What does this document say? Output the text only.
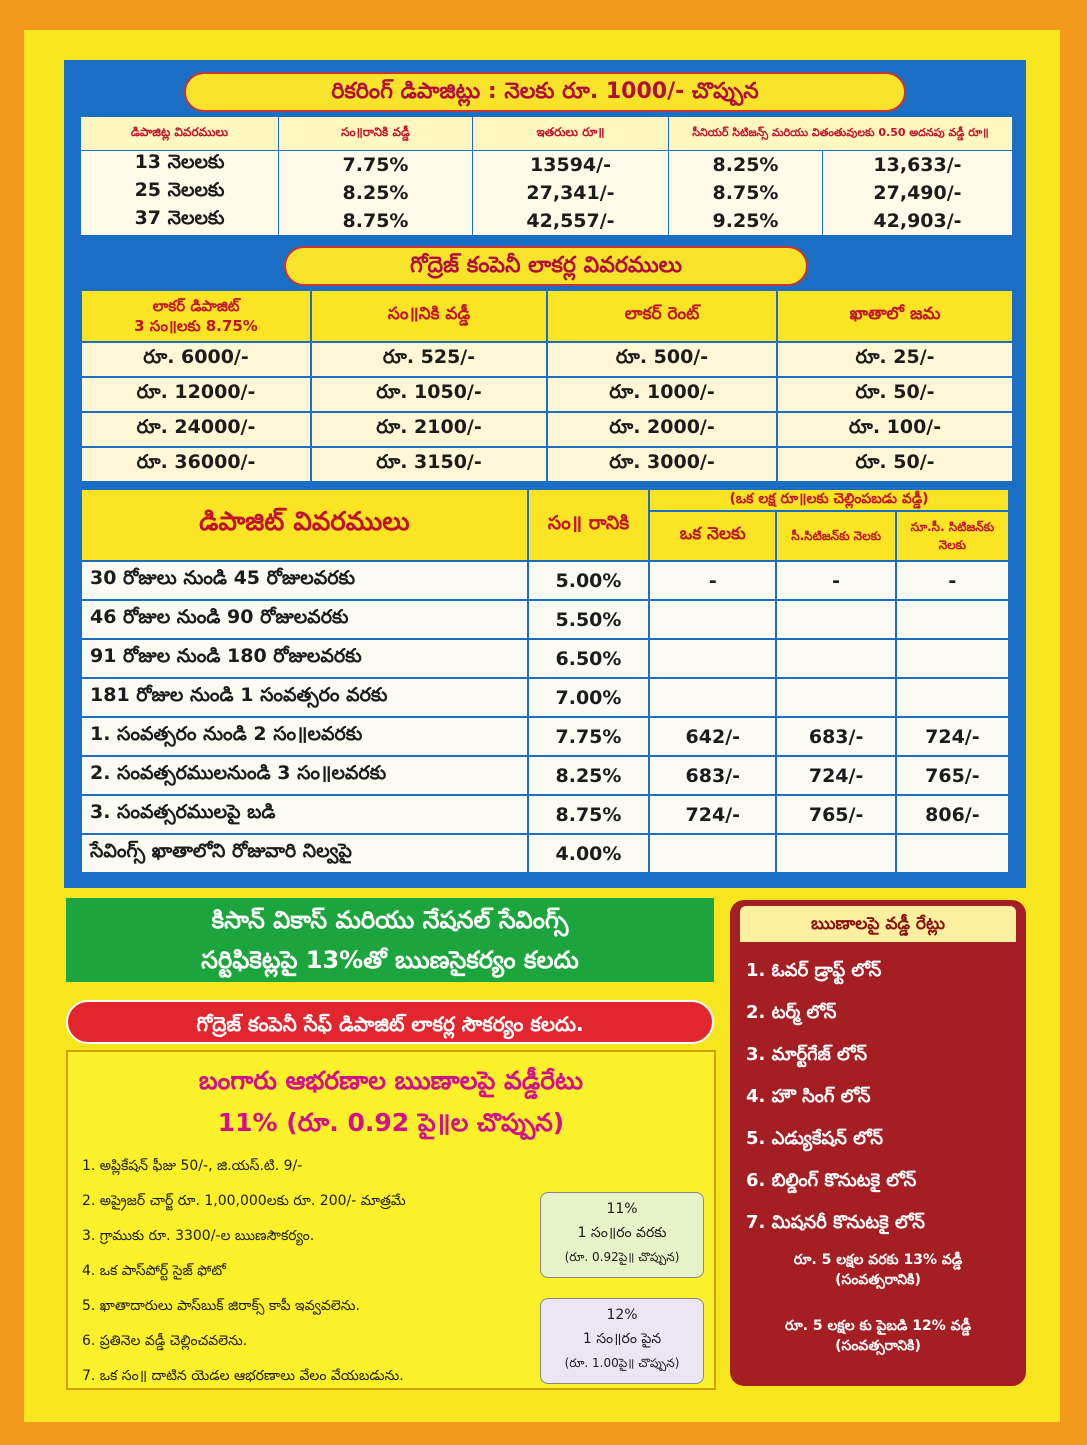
రికరింగ్ డిపాజిట్లు : నెలకు రూ. 1000/- చొప్పున
డిపాజిట్ల వివరములు	సం॥రానికి వడ్డీ	ఇతరులు రూ॥	సీనియర్ సిటిజన్స్ మరియు వితంతువులకు 0.50 అదనపు వడ్డీ రూ॥	
13 నెలలకు	7.75%	13594/-	8.25%	13,633/-
25 నెలలకు	8.25%	27,341/-	8.75%	27,490/-
37 నెలలకు	8.75%	42,557/-	9.25%	42,903/-
గోద్రెజ్ కంపెనీ లాకర్ల వివరములు
లాకర్ డిపాజిట్
3 సం॥లకు 8.75%	సం॥నికి వడ్డీ	లాకర్ రెంట్	ఖాతాలో జమ
రూ. 6000/-	రూ. 525/-	రూ. 500/-	రూ. 25/-
రూ. 12000/-	రూ. 1050/-	రూ. 1000/-	రూ. 50/-
రూ. 24000/-	రూ. 2100/-	రూ. 2000/-	రూ. 100/-
రూ. 36000/-	రూ. 3150/-	రూ. 3000/-	రూ. 50/-
డిపాజిట్ వివరములు	సం॥ రానికి	(ఒక లక్ష రూ॥లకు చెల్లింపబడు వడ్డీ)		
		ఒక నెలకు	సీ.సిటిజన్‌కు నెలకు	సూ.సీ. సిటిజన్‌కు నెలకు
30 రోజులు నుండి 45 రోజులవరకు	5.00%	-	-	-
46 రోజుల నుండి 90 రోజులవరకు	5.50%			
91 రోజుల నుండి 180 రోజులవరకు	6.50%			
181 రోజుల నుండి 1 సంవత్సరం వరకు	7.00%			
1. సంవత్సరం నుండి 2 సం॥లవరకు	7.75%	642/-	683/-	724/-
2. సంవత్సరములనుండి 3 సం॥లవరకు	8.25%	683/-	724/-	765/-
3. సంవత్సరములపై బడి	8.75%	724/-	765/-	806/-
సేవింగ్స్ ఖాతాలోని రోజువారి నిల్వపై	4.00%			
కిసాన్ వికాస్ మరియు నేషనల్ సేవింగ్స్
సర్టిఫికెట్లపై 13%తో ఋణసైకర్యం కలదు
గోద్రెజ్ కంపెనీ సేఫ్ డిపాజిట్ లాకర్ల సౌకర్యం కలదు.
బంగారు ఆభరణాల ఋణాలపై వడ్డీరేటు
11% (రూ. 0.92 పై॥ల చొప్పున)
1. అప్లికేషన్ ఫీజు 50/-, జి.యస్.టి. 9/-
2. అప్రైజర్ చార్జ్ రూ. 1,00,000లకు రూ. 200/- మాత్రమే
3. గ్రాముకు రూ. 3300/-ల ఋణసౌకర్యం.
4. ఒక పాస్‌పోర్ట్ సైజ్ ఫోటో
5. ఖాతాదారులు పాస్‌బుక్ జిరాక్స్ కాపీ ఇవ్వవలెను.
6. ప్రతినెల వడ్డీ చెల్లించవలెను.
7. ఒక సం॥ దాటిన యెడల ఆభరణాలు వేలం వేయబడును.
11%
1 సం॥రం వరకు
(రూ. 0.92పై॥ చొప్పున)
12%
1 సం॥రం పైన
(రూ. 1.00పై॥ చొప్పున)
ఋణాలపై వడ్డీ రేట్లు
1. ఓవర్ డ్రాఫ్ట్ లోన్
2. టర్మ్ లోన్
3. మార్ట్‌గేజ్ లోన్
4. హౌ సింగ్ లోన్
5. ఎడ్యుకేషన్ లోన్
6. బిల్డింగ్ కొనుటకై లోన్
7. మిషనరీ కొనుటకై లోన్
రూ. 5 లక్షల వరకు 13% వడ్డీ
(సంవత్సరానికి)
రూ. 5 లక్షల కు పైబడి 12% వడ్డీ
(సంవత్సరానికి)
